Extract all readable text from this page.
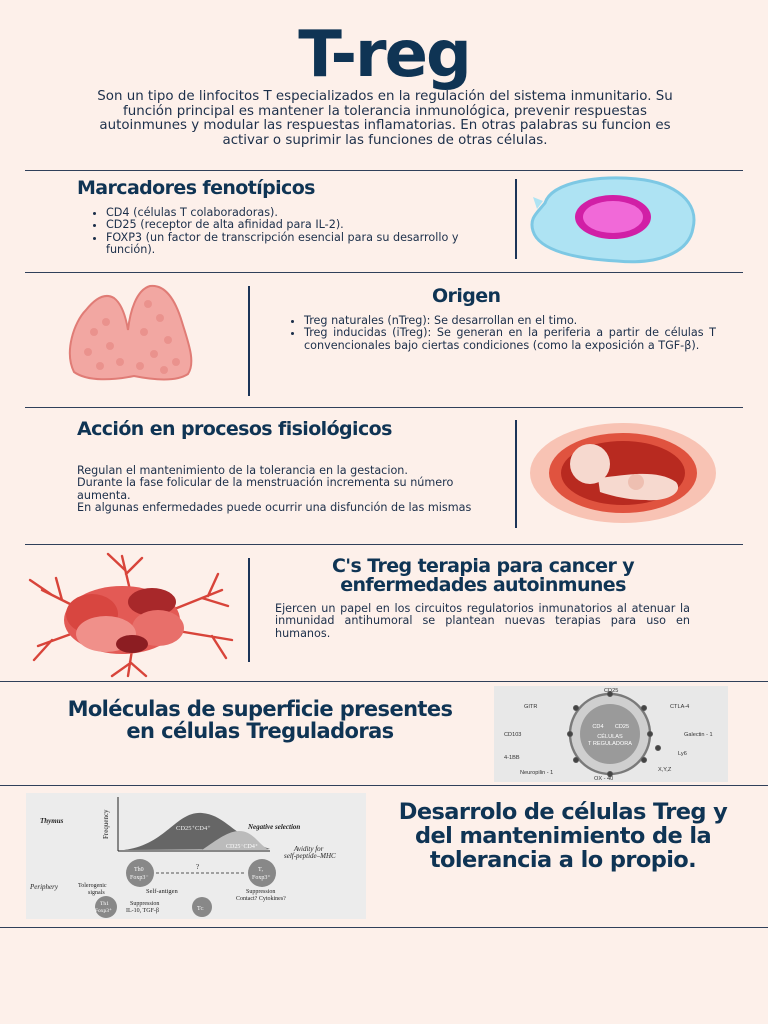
T-reg
Son un tipo de linfocitos T especializados en la regulación del sistema inmunitario. Su función principal es mantener la tolerancia inmunológica, prevenir respuestas autoinmunes y modular las respuestas inflamatorias. En otras palabras su funcion es activar o suprimir las funciones de otras células.
Marcadores fenotípicos
• CD4 (células T colaboradoras).
• CD25 (receptor de alta afinidad para IL-2).
• FOXP3 (un factor de transcripción esencial para su desarrollo y función).
Origen
• Treg naturales (nTreg): Se desarrollan en el timo.
• Treg inducidas (iTreg): Se generan en la periferia a partir de células T convencionales bajo ciertas condiciones (como la exposición a TGF-β).
Acción en procesos fisiológicos
Regulan el mantenimiento de la tolerancia en la gestacion.
Durante la fase folicular de la menstruación incrementa su número aumenta.
En algunas enfermedades puede ocurrir una disfunción de las mismas
C's Treg terapia para cancer y enfermedades autoinmunes
Ejercen un papel en los circuitos regulatorios inmunatorios al atenuar la inmunidad antihumoral se plantean nuevas terapias para uso en humanos.
Moléculas de superficie presentes en células Treguladoras	CD4 CD25
CÉLULAS
T REGULADORA
CD25
CTLA-4
Galectin - 1
Ly6
X,Y,Z
OX - 40
Neuropilin - 1
4-1BB
CD103
GITR
Thymus
Periphery
Frequency	CD25⁺CD4⁺
CD25⁻CD4⁺
Negative selection
Avidity for
self-peptide–MHC
Th0
Foxp3⁻
Tᵣ
Foxp3⁺
?
Tolerogenic
signals	Self-antigen	Suppression
Contact? Cytokines?
Suppression
IL-10, TGF-β
Th1
Foxp3⁺	Tᴄ
Desarrolo de células Treg y del mantenimiento de la tolerancia a lo propio.
